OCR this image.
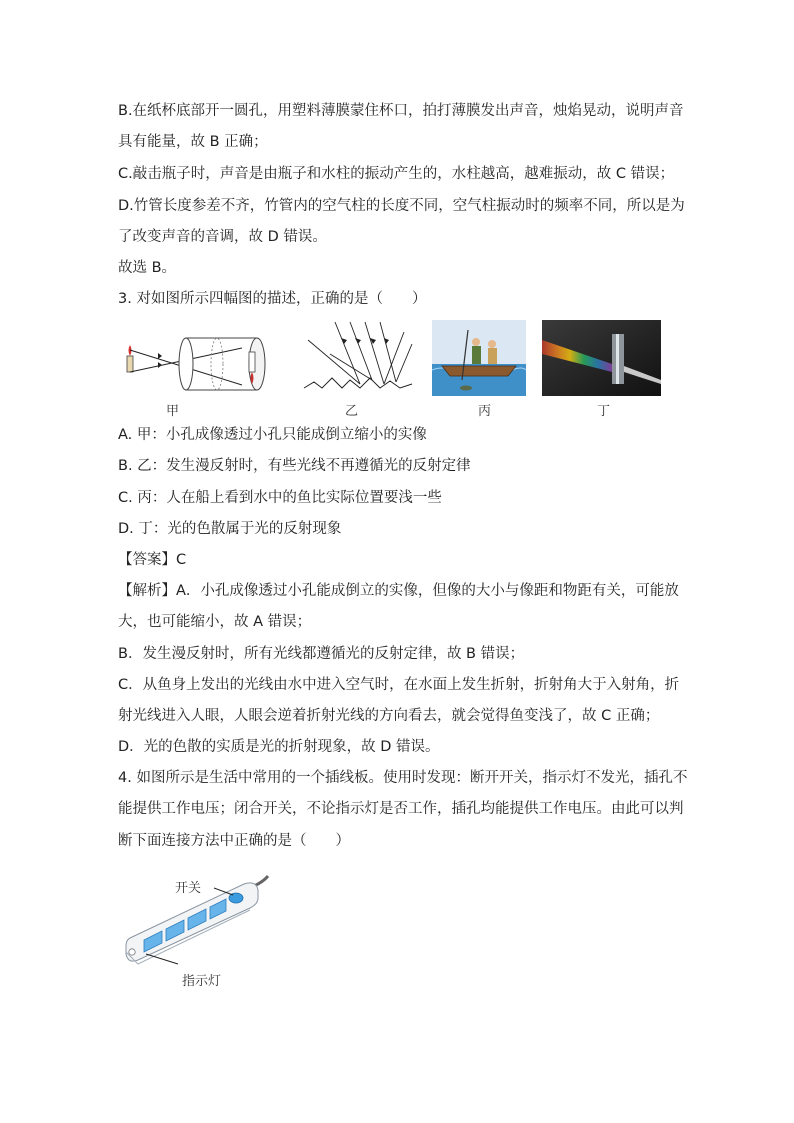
B.在纸杯底部开一圆孔，用塑料薄膜蒙住杯口，拍打薄膜发出声音，烛焰晃动，说明声音
具有能量，故 B 正确；
C.敲击瓶子时，声音是由瓶子和水柱的振动产生的，水柱越高，越难振动，故 C 错误；
D.竹管长度参差不齐，竹管内的空气柱的长度不同，空气柱振动时的频率不同，所以是为
了改变声音的音调，故 D 错误。
故选 B。
3. 对如图所示四幅图的描述，正确的是（　　）
甲	乙	丙	丁
A. 甲：小孔成像透过小孔只能成倒立缩小的实像
B. 乙：发生漫反射时，有些光线不再遵循光的反射定律
C. 丙：人在船上看到水中的鱼比实际位置要浅一些
D. 丁：光的色散属于光的反射现象
【答案】C
【解析】A．小孔成像透过小孔能成倒立的实像，但像的大小与像距和物距有关，可能放
大，也可能缩小，故 A 错误；
B．发生漫反射时，所有光线都遵循光的反射定律，故 B 错误；
C．从鱼身上发出的光线由水中进入空气时，在水面上发生折射，折射角大于入射角，折
射光线进入人眼，人眼会逆着折射光线的方向看去，就会觉得鱼变浅了，故 C 正确；
D．光的色散的实质是光的折射现象，故 D 错误。
4. 如图所示是生活中常用的一个插线板。使用时发现：断开开关，指示灯不发光，插孔不
能提供工作电压；闭合开关，不论指示灯是否工作，插孔均能提供工作电压。由此可以判
断下面连接方法中正确的是（　　）
开关
指示灯
